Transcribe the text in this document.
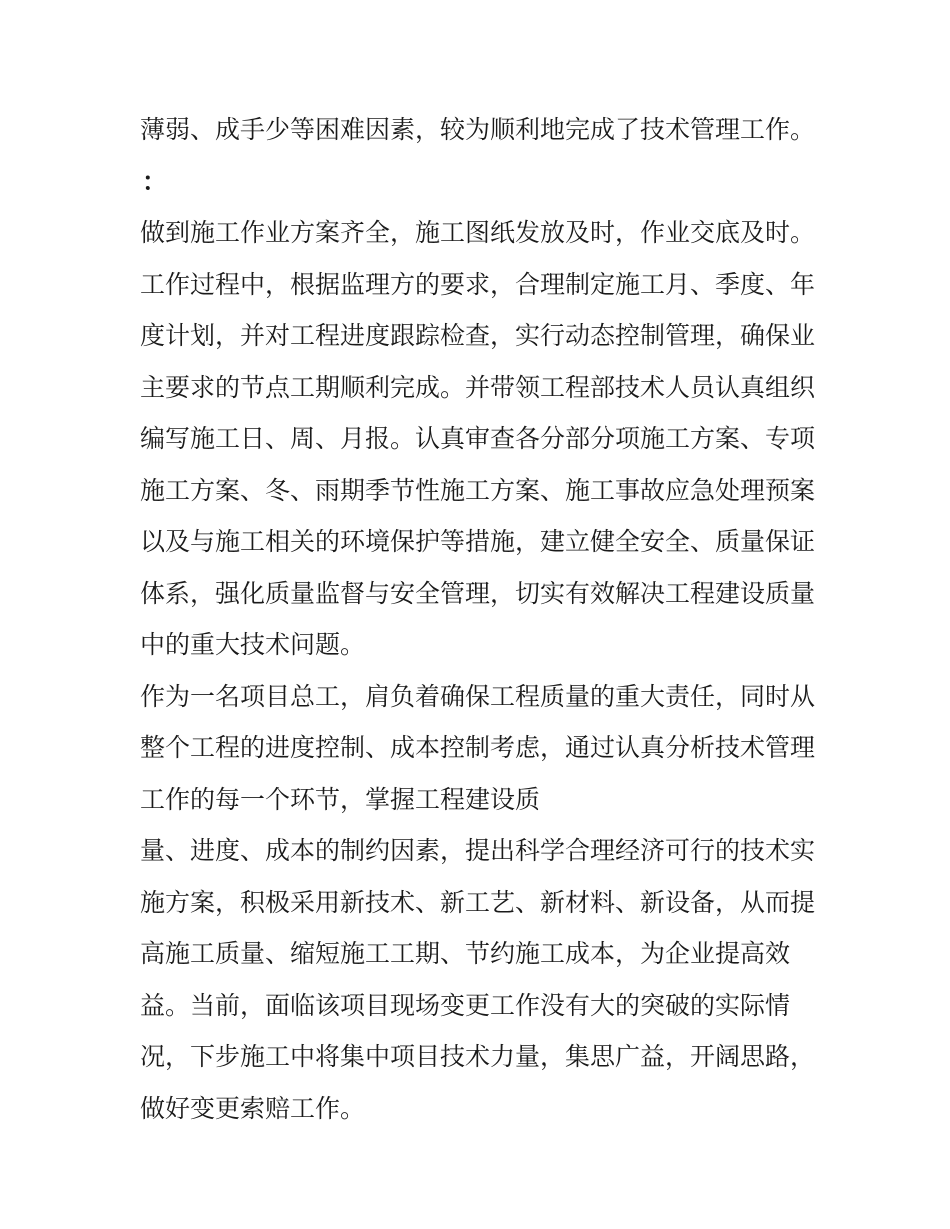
薄弱、成手少等困难因素，较为顺利地完成了技术管理工作。
：
做到施工作业方案齐全，施工图纸发放及时，作业交底及时。
工作过程中，根据监理方的要求，合理制定施工月、季度、年
度计划，并对工程进度跟踪检查，实行动态控制管理，确保业
主要求的节点工期顺利完成。并带领工程部技术人员认真组织
编写施工日、周、月报。认真审查各分部分项施工方案、专项
施工方案、冬、雨期季节性施工方案、施工事故应急处理预案
以及与施工相关的环境保护等措施，建立健全安全、质量保证
体系，强化质量监督与安全管理，切实有效解决工程建设质量
中的重大技术问题。
作为一名项目总工，肩负着确保工程质量的重大责任，同时从
整个工程的进度控制、成本控制考虑，通过认真分析技术管理
工作的每一个环节，掌握工程建设质
量、进度、成本的制约因素，提出科学合理经济可行的技术实
施方案，积极采用新技术、新工艺、新材料、新设备，从而提
高施工质量、缩短施工工期、节约施工成本，为企业提高效
益。当前，面临该项目现场变更工作没有大的突破的实际情
况，下步施工中将集中项目技术力量，集思广益，开阔思路，
做好变更索赔工作。
